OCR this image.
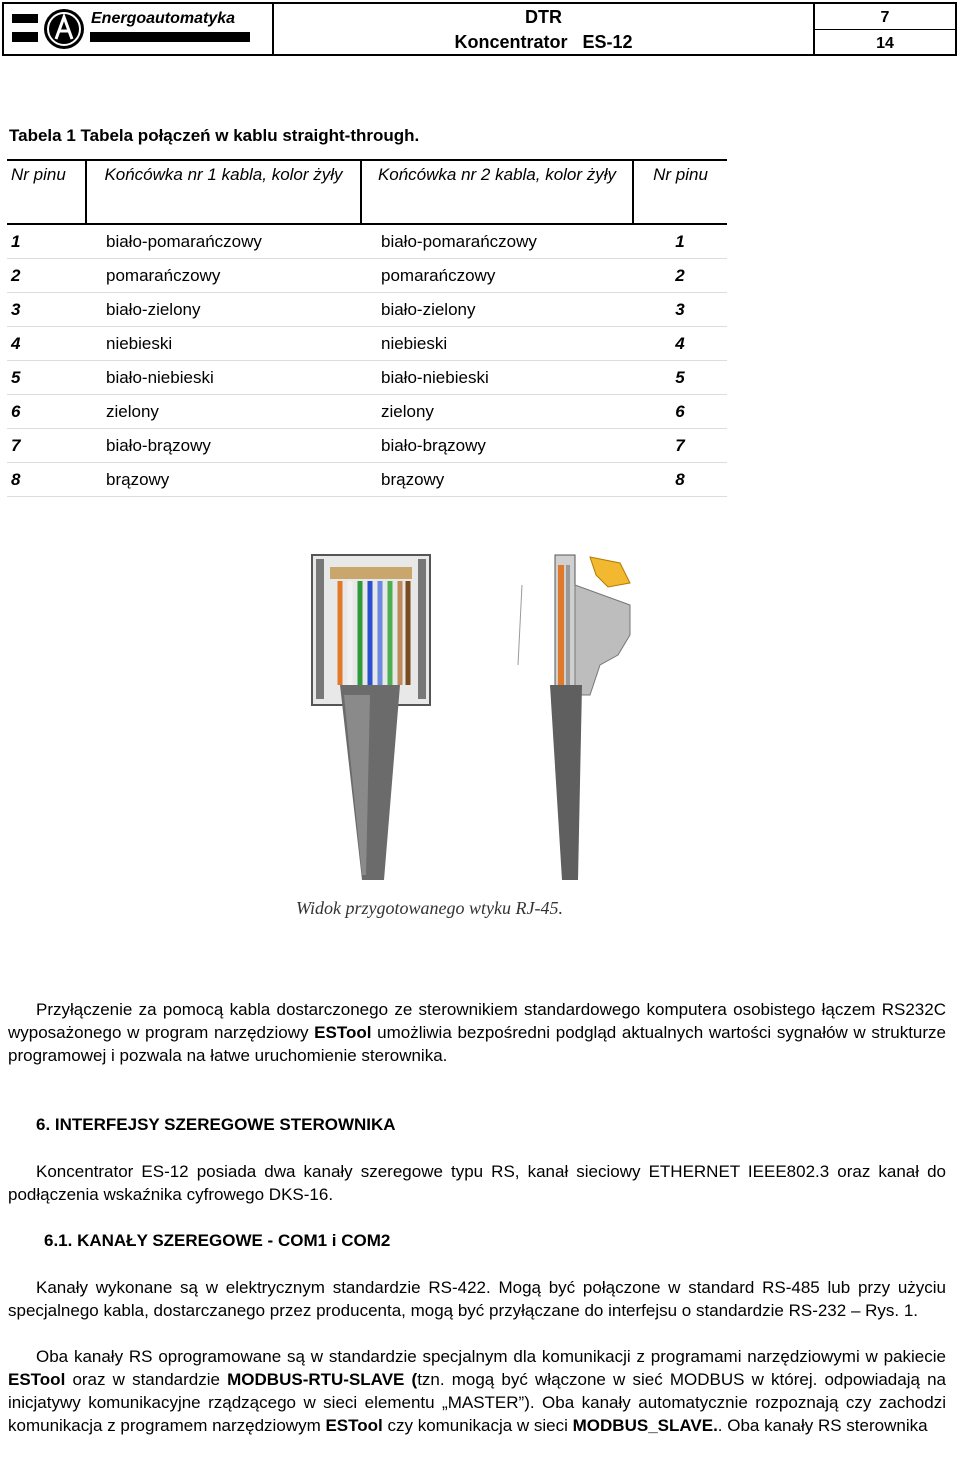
Energoautomatyka	DTR
Koncentrator   ES-12
7
14
Tabela 1 Tabela połączeń w kablu straight-through.
Nr pinu	Końcówka nr 1 kabla, kolor żyły	Końcówka nr 2 kabla, kolor żyły	Nr pinu
1	biało-pomarańczowy	biało-pomarańczowy	1
2	pomarańczowy	pomarańczowy	2
3	biało-zielony	biało-zielony	3
4	niebieski	niebieski	4
5	biało-niebieski	biało-niebieski	5
6	zielony	zielony	6
7	biało-brązowy	biało-brązowy	7
8	brązowy	brązowy	8
Widok przygotowanego wtyku RJ-45.
Przyłączenie za pomocą kabla dostarczonego ze sterownikiem standardowego komputera osobistego łączem RS232C wyposażonego w program narzędziowy ESTool umożliwia bezpośredni podgląd aktualnych wartości sygnałów w strukturze programowej i pozwala na łatwe uruchomienie sterownika.
6. INTERFEJSY SZEREGOWE STEROWNIKA
Koncentrator ES-12 posiada dwa kanały szeregowe typu RS, kanał sieciowy ETHERNET IEEE802.3 oraz kanał do podłączenia wskaźnika cyfrowego DKS-16.
6.1. KANAŁY SZEREGOWE - COM1 i COM2
Kanały wykonane są w elektrycznym standardzie RS-422. Mogą być połączone w standard RS-485 lub przy użyciu specjalnego kabla, dostarczanego przez producenta, mogą być przyłączane do interfejsu o standardzie RS-232 – Rys. 1.
Oba kanały RS oprogramowane są w standardzie specjalnym dla komunikacji z programami narzędziowymi w pakiecie ESTool oraz w standardzie MODBUS-RTU-SLAVE (tzn. mogą być włączone w sieć MODBUS w której. odpowiadają na inicjatywy komunikacyjne rządzącego w sieci elementu „MASTER”). Oba kanały automatycznie rozpoznają czy zachodzi komunikacja z programem narzędziowym ESTool czy komunikacja w sieci MODBUS_SLAVE.. Oba kanały RS sterownika
